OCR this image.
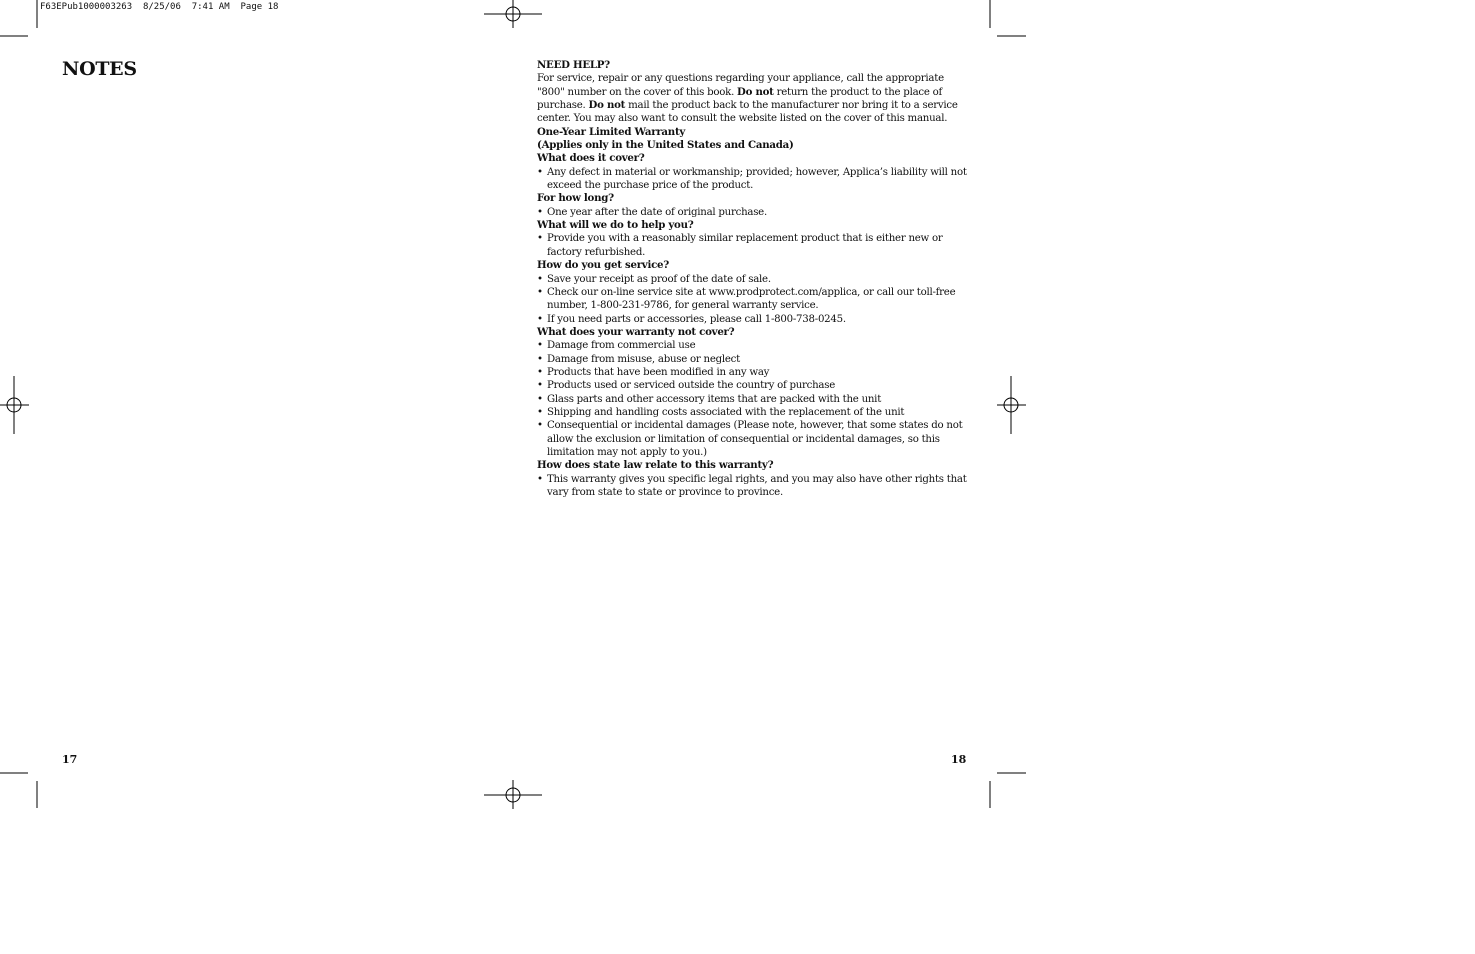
F63EPub1000003263  8/25/06  7:41 AM  Page 18
NOTES
17

NEED HELP?

For service, repair or any questions regarding your appliance, call the appropriate "800" number on the cover of this book. Do not return the product to the place of purchase. Do not mail the product back to the manufacturer nor bring it to a service center. You may also want to consult the website listed on the cover of this manual.

One-Year Limited Warranty

(Applies only in the United States and Canada)

What does it cover?

• Any defect in material or workmanship; provided; however, Applica’s liability will not exceed the purchase price of the product.

For how long?

• One year after the date of original purchase.

What will we do to help you?

• Provide you with a reasonably similar replacement product that is either new or factory refurbished.

How do you get service?

• Save your receipt as proof of the date of sale.
• Check our on-line service site at www.prodprotect.com/applica, or call our toll-free number, 1-800-231-9786, for general warranty service.
• If you need parts or accessories, please call 1-800-738-0245.

What does your warranty not cover?

• Damage from commercial use
• Damage from misuse, abuse or neglect
• Products that have been modified in any way
• Products used or serviced outside the country of purchase
• Glass parts and other accessory items that are packed with the unit
• Shipping and handling costs associated with the replacement of the unit
• Consequential or incidental damages (Please note, however, that some states do not allow the exclusion or limitation of consequential or incidental damages, so this limitation may not apply to you.)

How does state law relate to this warranty?

• This warranty gives you specific legal rights, and you may also have other rights that vary from state to state or province to province.
18
